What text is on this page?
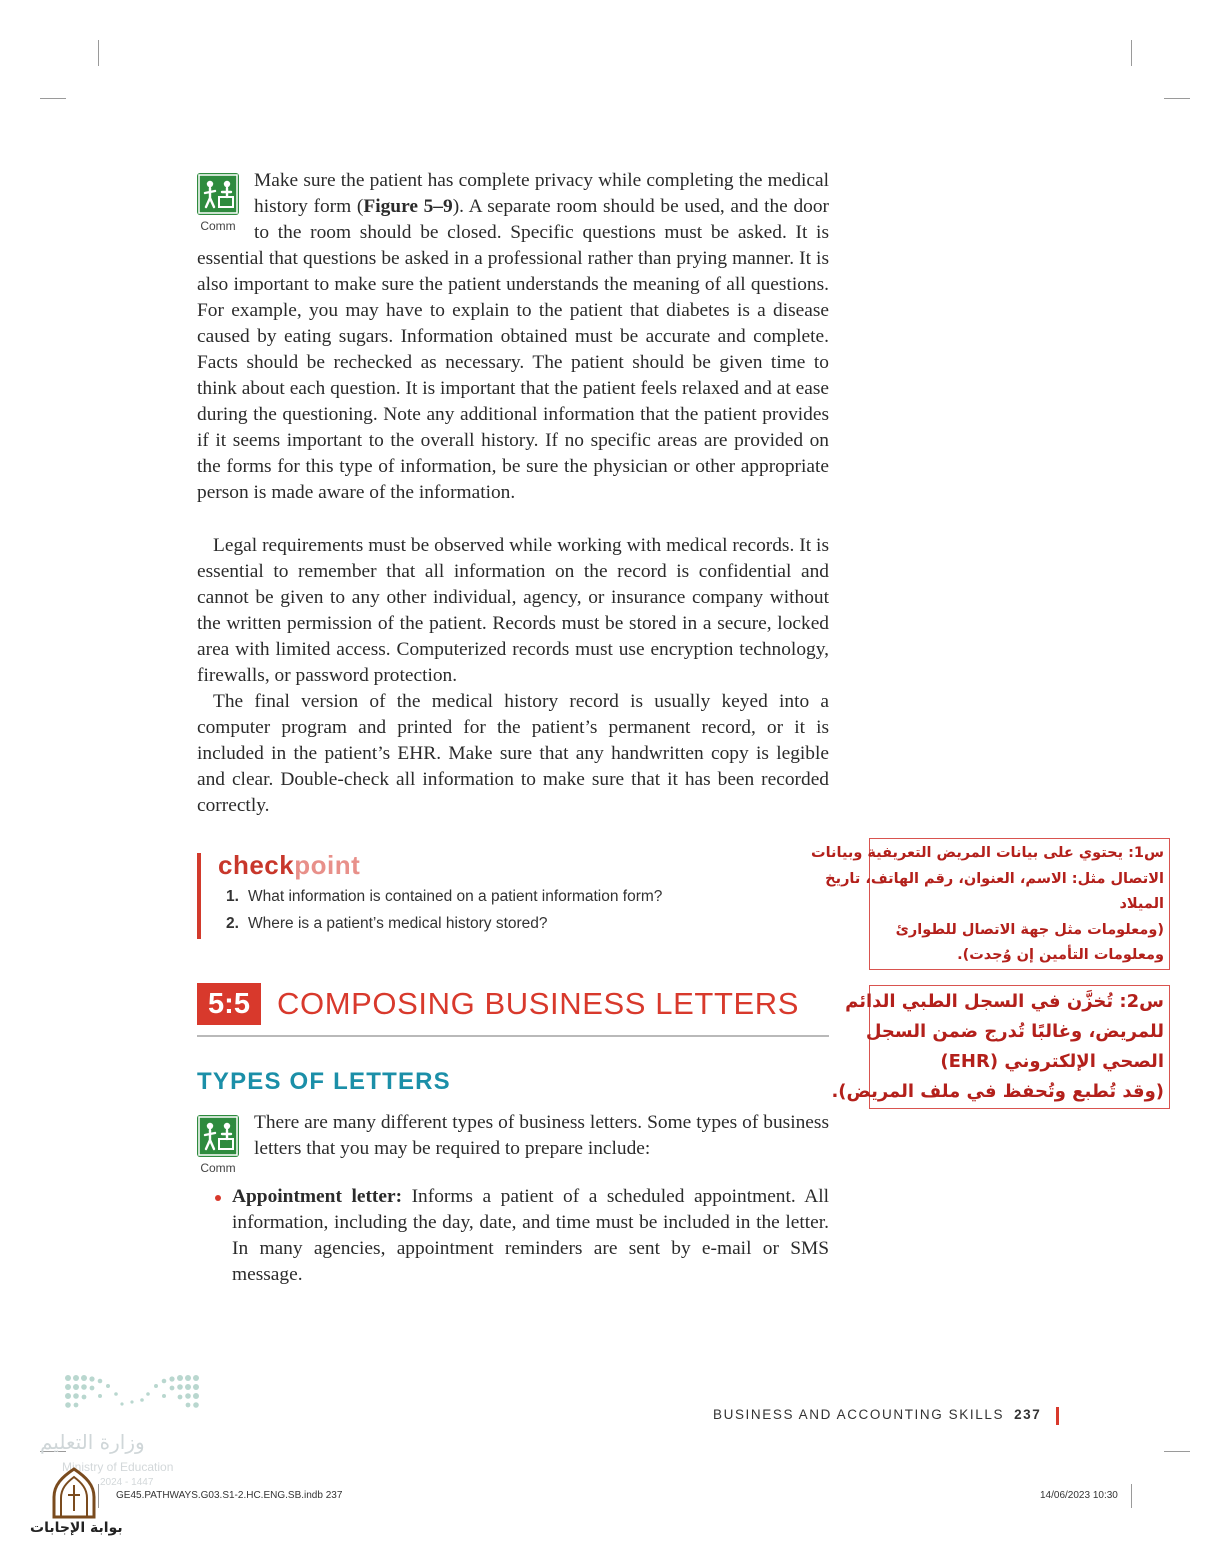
Comm
Make sure the patient has complete privacy while completing the medical history form (Figure 5–9). A separate room should be used, and the door to the room should be closed. Specific questions must be asked. It is essential that questions be asked in a professional rather than prying manner. It is also important to make sure the patient understands the meaning of all questions. For example, you may have to explain to the patient that diabetes is a disease caused by eating sugars. Information obtained must be accurate and complete. Facts should be rechecked as necessary. The patient should be given time to think about each question. It is important that the patient feels relaxed and at ease during the questioning. Note any additional information that the patient provides if it seems important to the overall history. If no specific areas are provided on the forms for this type of information, be sure the physician or other appropriate person is made aware of the information.
Legal requirements must be observed while working with medical records. It is essential to remember that all information on the record is confidential and cannot be given to any other individual, agency, or insurance company without the written permission of the patient. Records must be stored in a secure, locked area with limited access. Computerized records must use encryption technology, firewalls, or password protection.
The final version of the medical history record is usually keyed into a computer program and printed for the patient’s permanent record, or it is included in the patient’s EHR. Make sure that any handwritten copy is legible and clear. Double-check all information to make sure that it has been recorded correctly.
checkpoint
1. What information is contained on a patient information form?
2. Where is a patient’s medical history stored?
5:5 COMPOSING BUSINESS LETTERS
TYPES OF LETTERS
Comm
There are many different types of business letters. Some types of business letters that you may be required to prepare include:
Appointment letter: Informs a patient of a scheduled appointment. All information, including the day, date, and time must be included in the letter. In many agencies, appointment reminders are sent by e-mail or SMS message.
س1: يحتوي على بيانات المريض التعريفية وبيانات
الاتصال مثل: الاسم، العنوان، رقم الهاتف، تاريخ
الميلاد
(ومعلومات مثل جهة الاتصال للطوارئ
ومعلومات التأمين إن وُجدت).
س2: تُخزَّن في السجل الطبي الدائم
للمريض، وغالبًا تُدرج ضمن السجل
الصحي الإلكتروني (EHR)
(وقد تُطبع وتُحفظ في ملف المريض).
BUSINESS AND ACCOUNTING SKILLS 237
GE45.PATHWAYS.G03.S1-2.HC.ENG.SB.indb 237	14/06/2023 10:30
وزارة التعليم
Ministry of Education
2024 - 1447
بوابة الإجابات
